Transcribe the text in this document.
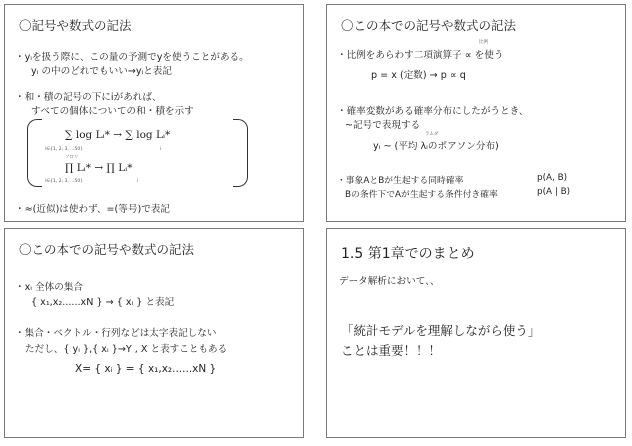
〇記号や数式の記法
・yᵢを扱う際に、この量の予測でyを使うことがある。
yᵢ の中のどれでもいい→yᵢと表記
・和・積の記号の下にiがあれば、
すべての個体についての和・積を示す
∑ log Lᵢ* → ∑ log Lᵢ*
i∈{1, 2, 3, ...50}	i
ソロリ
∏ Lᵢ* → ∏ Lᵢ*
i∈{1, 2, 3, ...50}	i
・≈(近似)は使わず、=(等号)で表記
〇この本での記号や数式の記法
比例
・比例をあらわす二項演算子 ∝ を使う
p = x (定数) → p ∝ q
・確率変数がある確率分布にしたがうとき、
~記号で表現する
ラムダ
yᵢ ~ (平均 λᵢのポアソン分布)
・事象AとBが生起する同時確率	p(A, B)
Bの条件下でAが生起する条件付き確率	p(A | B)
〇この本での記号や数式の記法
・xᵢ 全体の集合
{ x₁,x₂......xN } → { xᵢ } と表記
・集合・ベクトル・行列などは太字表記しない
ただし、{ yᵢ },{ xᵢ }→Y , X と表すこともある
X= { xᵢ } = { x₁,x₂......xN }
1.5 第1章でのまとめ
データ解析において、、
「統計モデルを理解しながら使う」
ことは重要！！！
